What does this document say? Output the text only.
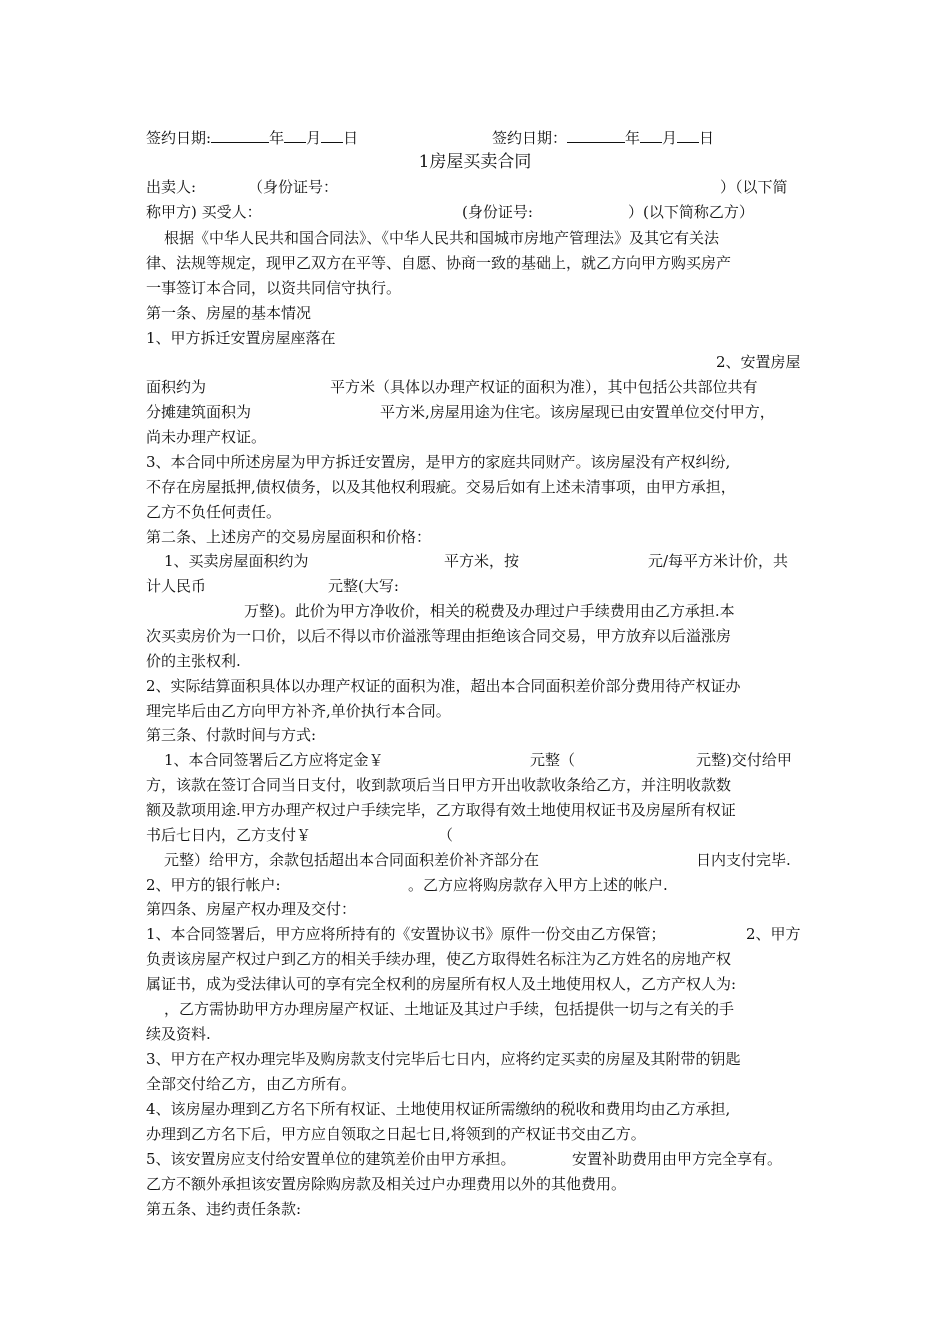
签约日期:	年 月 日	签约日期：	年 月 日
1房屋买卖合同
出卖人:	（身份证号：	）（以下简
称甲方) 买受人：	(身份证号:	）(以下简称乙方）
根据《中华人民共和国合同法》、《中华人民共和国城市房地产管理法》及其它有关法
律、法规等规定，现甲乙双方在平等、自愿、协商一致的基础上，就乙方向甲方购买房产
一事签订本合同，以资共同信守执行。
第一条、房屋的基本情况
1、甲方拆迁安置房屋座落在
2、安置房屋
面积约为	平方米（具体以办理产权证的面积为准），其中包括公共部位共有
分摊建筑面积为	平方米,房屋用途为住宅。该房屋现已由安置单位交付甲方，
尚未办理产权证。
3、本合同中所述房屋为甲方拆迁安置房，是甲方的家庭共同财产。该房屋没有产权纠纷,
不存在房屋抵押,债权债务，以及其他权利瑕疵。交易后如有上述未清事项，由甲方承担，
乙方不负任何责任。
第二条、上述房产的交易房屋面积和价格：
1、买卖房屋面积约为	平方米，按	元/每平方米计价，共
计人民币	元整(大写:
万整)。此价为甲方净收价，相关的税费及办理过户手续费用由乙方承担.本
次买卖房价为一口价，以后不得以市价溢涨等理由拒绝该合同交易，甲方放弃以后溢涨房
价的主张权利.
2、实际结算面积具体以办理产权证的面积为准，超出本合同面积差价部分费用待产权证办
理完毕后由乙方向甲方补齐,单价执行本合同。
第三条、付款时间与方式:
1、本合同签署后乙方应将定金￥	元整（	元整)交付给甲
方，该款在签订合同当日支付，收到款项后当日甲方开出收款收条给乙方，并注明收款数
额及款项用途.甲方办理产权过户手续完毕，乙方取得有效土地使用权证书及房屋所有权证
书后七日内，乙方支付￥	（
元整）给甲方，余款包括超出本合同面积差价补齐部分在	日内支付完毕.
2、甲方的银行帐户:	。乙方应将购房款存入甲方上述的帐户.
第四条、房屋产权办理及交付：
1、本合同签署后，甲方应将所持有的《安置协议书》原件一份交由乙方保管；	2、甲方
负责该房屋产权过户到乙方的相关手续办理，使乙方取得姓名标注为乙方姓名的房地产权
属证书，成为受法律认可的享有完全权利的房屋所有权人及土地使用权人，乙方产权人为:
，乙方需协助甲方办理房屋产权证、土地证及其过户手续，包括提供一切与之有关的手
续及资料.
3、甲方在产权办理完毕及购房款支付完毕后七日内，应将约定买卖的房屋及其附带的钥匙
全部交付给乙方，由乙方所有。
4、该房屋办理到乙方名下所有权证、土地使用权证所需缴纳的税收和费用均由乙方承担,
办理到乙方名下后，甲方应自领取之日起七日,将领到的产权证书交由乙方。
5、该安置房应支付给安置单位的建筑差价由甲方承担。	安置补助费用由甲方完全享有。
乙方不额外承担该安置房除购房款及相关过户办理费用以外的其他费用。
第五条、违约责任条款:
